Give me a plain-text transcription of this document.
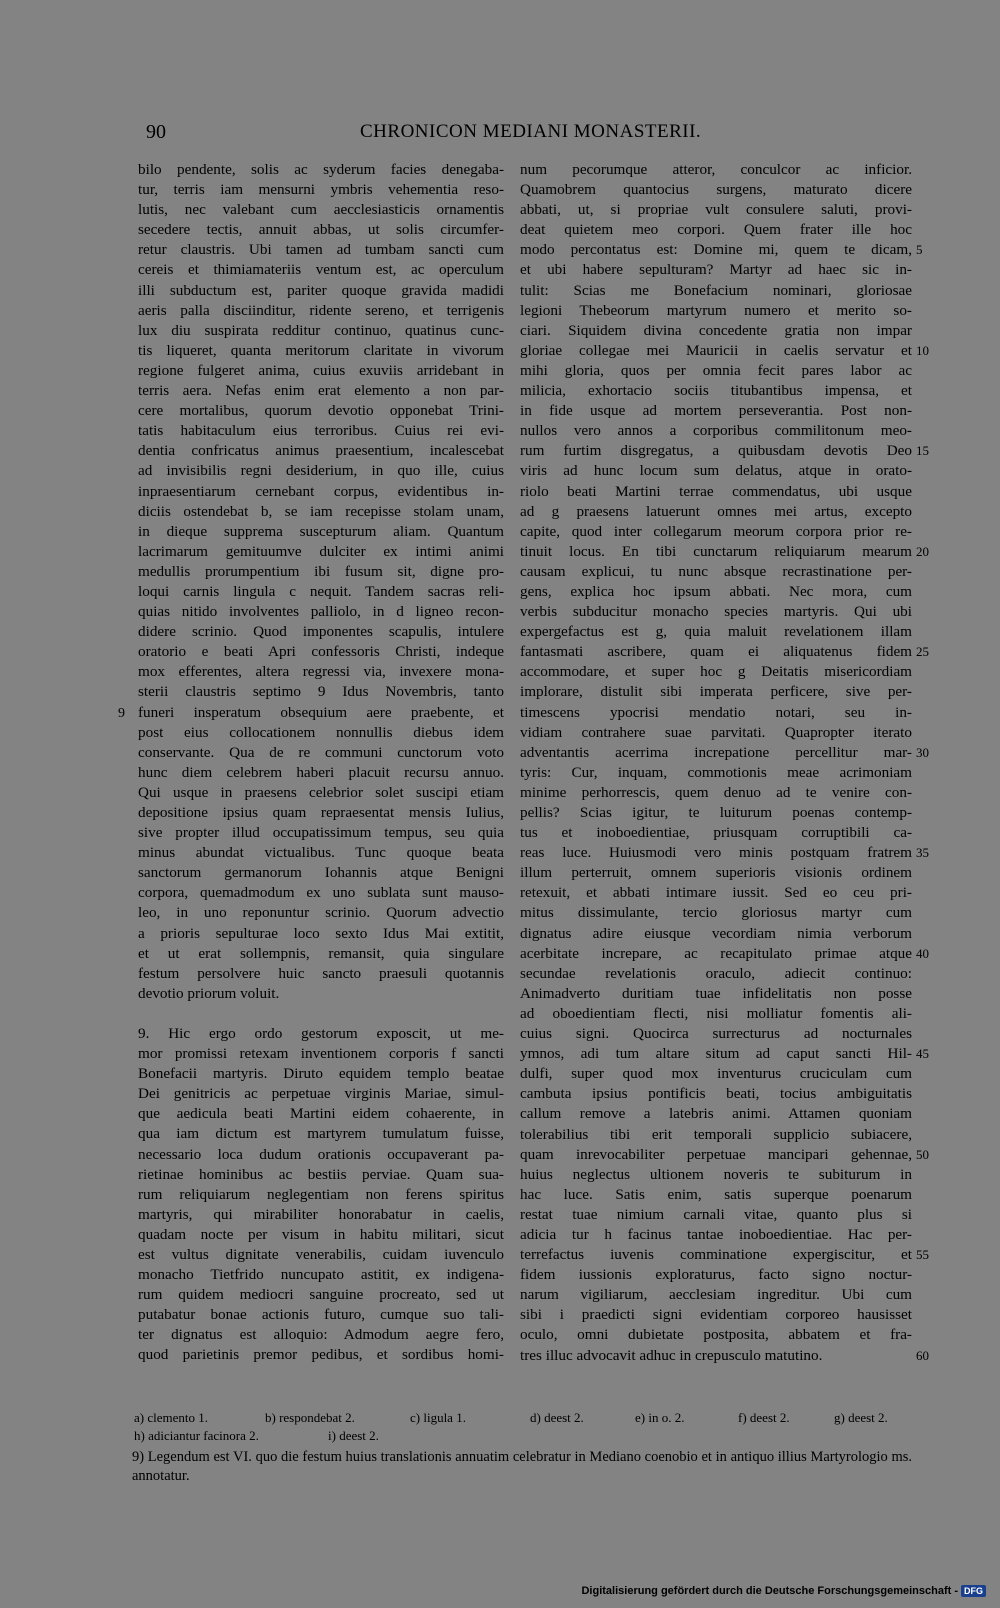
90	CHRONICON MEDIANI MONASTERII.
bilo pendente, solis ac syderum facies denegaba-
tur, terris iam mensurni ymbris vehementia reso-
lutis, nec valebant cum aecclesiasticis ornamentis
secedere tectis, annuit abbas, ut solis circumfer-
retur claustris. Ubi tamen ad tumbam sancti cum
cereis et thimiamateriis ventum est, ac operculum
illi subductum est, pariter quoque gravida madidi
aeris palla disciinditur, ridente sereno, et terrigenis
lux diu suspirata redditur continuo, quatinus cunc-
tis liqueret, quanta meritorum claritate in vivorum
regione fulgeret anima, cuius exuviis arridebant in
terris aera. Nefas enim erat elemento a non par-
cere mortalibus, quorum devotio opponebat Trini-
tatis habitaculum eius terroribus. Cuius rei evi-
dentia confricatus animus praesentium, incalescebat
ad invisibilis regni desiderium, in quo ille, cuius
inpraesentiarum cernebant corpus, evidentibus in-
diciis ostendebat b, se iam recepisse stolam unam,
in dieque supprema suscepturum aliam. Quantum
lacrimarum gemituumve dulciter ex intimi animi
medullis prorumpentium ibi fusum sit, digne pro-
loqui carnis lingula c nequit. Tandem sacras reli-
quias nitido involventes palliolo, in d ligneo recon-
didere scrinio. Quod imponentes scapulis, intulere
oratorio e beati Apri confessoris Christi, indeque
mox efferentes, altera regressi via, invexere mona-
sterii claustris septimo 9 Idus Novembris, tanto
funeri insperatum obsequium aere praebente, et
post eius collocationem nonnullis diebus idem
conservante. Qua de re communi cunctorum voto
hunc diem celebrem haberi placuit recursu annuo.
Qui usque in praesens celebrior solet suscipi etiam
depositione ipsius quam repraesentat mensis Iulius,
sive propter illud occupatissimum tempus, seu quia
minus abundat victualibus. Tunc quoque beata
sanctorum germanorum Iohannis atque Benigni
corpora, quemadmodum ex uno sublata sunt mauso-
leo, in uno reponuntur scrinio. Quorum advectio
a prioris sepulturae loco sexto Idus Mai extitit,
et ut erat sollempnis, remansit, quia singulare
festum persolvere huic sancto praesuli quotannis
devotio priorum voluit.
9. Hic ergo ordo gestorum exposcit, ut me-
mor promissi retexam inventionem corporis f sancti
Bonefacii martyris. Diruto equidem templo beatae
Dei genitricis ac perpetuae virginis Mariae, simul-
que aedicula beati Martini eidem cohaerente, in
qua iam dictum est martyrem tumulatum fuisse,
necessario loca dudum orationis occupaverant pa-
rietinae hominibus ac bestiis perviae. Quam sua-
rum reliquiarum neglegentiam non ferens spiritus
martyris, qui mirabiliter honorabatur in caelis,
quadam nocte per visum in habitu militari, sicut
est vultus dignitate venerabilis, cuidam iuvenculo
monacho Tietfrido nuncupato astitit, ex indigena-
rum quidem mediocri sanguine procreato, sed ut
putabatur bonae actionis futuro, cumque suo tali-
ter dignatus est alloquio: Admodum aegre fero,
quod parietinis premor pedibus, et sordibus homi-
num pecorumque atteror, conculcor ac inficior.
Quamobrem quantocius surgens, maturato dicere
abbati, ut, si propriae vult consulere saluti, provi-
deat quietem meo corpori. Quem frater ille hoc
modo percontatus est: Domine mi, quem te dicam,
et ubi habere sepulturam? Martyr ad haec sic in-
tulit: Scias me Bonefacium nominari, gloriosae
legioni Thebeorum martyrum numero et merito so-
ciari. Siquidem divina concedente gratia non impar
gloriae collegae mei Mauricii in caelis servatur et
mihi gloria, quos per omnia fecit pares labor ac
milicia, exhortacio sociis titubantibus impensa, et
in fide usque ad mortem perseverantia. Post non-
nullos vero annos a corporibus commilitonum meo-
rum furtim disgregatus, a quibusdam devotis Deo
viris ad hunc locum sum delatus, atque in orato-
riolo beati Martini terrae commendatus, ubi usque
ad g praesens latuerunt omnes mei artus, excepto
capite, quod inter collegarum meorum corpora prior re-
tinuit locus. En tibi cunctarum reliquiarum mearum
causam explicui, tu nunc absque recrastinatione per-
gens, explica hoc ipsum abbati. Nec mora, cum
verbis subducitur monacho species martyris. Qui ubi
expergefactus est g, quia maluit revelationem illam
fantasmati ascribere, quam ei aliquatenus fidem
accommodare, et super hoc g Deitatis misericordiam
implorare, distulit sibi imperata perficere, sive per-
timescens ypocrisi mendatio notari, seu in-
vidiam contrahere suae parvitati. Quapropter iterato
adventantis acerrima increpatione percellitur mar-
tyris: Cur, inquam, commotionis meae acrimoniam
minime perhorrescis, quem denuo ad te venire con-
pellis? Scias igitur, te luiturum poenas contemp-
tus et inoboedientiae, priusquam corruptibili ca-
reas luce. Huiusmodi vero minis postquam fratrem
illum perterruit, omnem superioris visionis ordinem
retexuit, et abbati intimare iussit. Sed eo ceu pri-
mitus dissimulante, tercio gloriosus martyr cum
dignatus adire eiusque vecordiam nimia verborum
acerbitate increpare, ac recapitulato primae atque
secundae revelationis oraculo, adiecit continuo:
Animadverto duritiam tuae infidelitatis non posse
ad oboedientiam flecti, nisi molliatur fomentis ali-
cuius signi. Quocirca surrecturus ad nocturnales
ymnos, adi tum altare situm ad caput sancti Hil-
dulfi, super quod mox inventurus cruciculam cum
cambuta ipsius pontificis beati, tocius ambiguitatis
callum remove a latebris animi. Attamen quoniam
tolerabilius tibi erit temporali supplicio subiacere,
quam inrevocabiliter perpetuae mancipari gehennae,
huius neglectus ultionem noveris te subiturum in
hac luce. Satis enim, satis superque poenarum
restat tuae nimium carnali vitae, quanto plus si
adicia tur h facinus tantae inoboedientiae. Hac per-
terrefactus iuvenis comminatione expergiscitur, et
fidem iussionis exploraturus, facto signo noctur-
narum vigiliarum, aecclesiam ingreditur. Ubi cum
sibi i praedicti signi evidentiam corporeo hausisset
oculo, omni dubietate postposita, abbatem et fra-
tres illuc advocavit adhuc in crepusculo matutino.
5
10
15
20
25
30
35
40
45
50
55
60
9
a) clemento 1.	b) respondebat 2.	c) ligula 1.
h) adiciantur facinora 2.	i) deest 2.
d) deest 2.	e) in o. 2.	f) deest 2.	g) deest 2.
9) Legendum est VI. quo die festum huius translationis annuatim celebratur in Mediano coenobio et in antiquo illius Martyrologio ms. annotatur.
Digitalisierung gefördert durch die Deutsche Forschungsgemeinschaft - DFG
